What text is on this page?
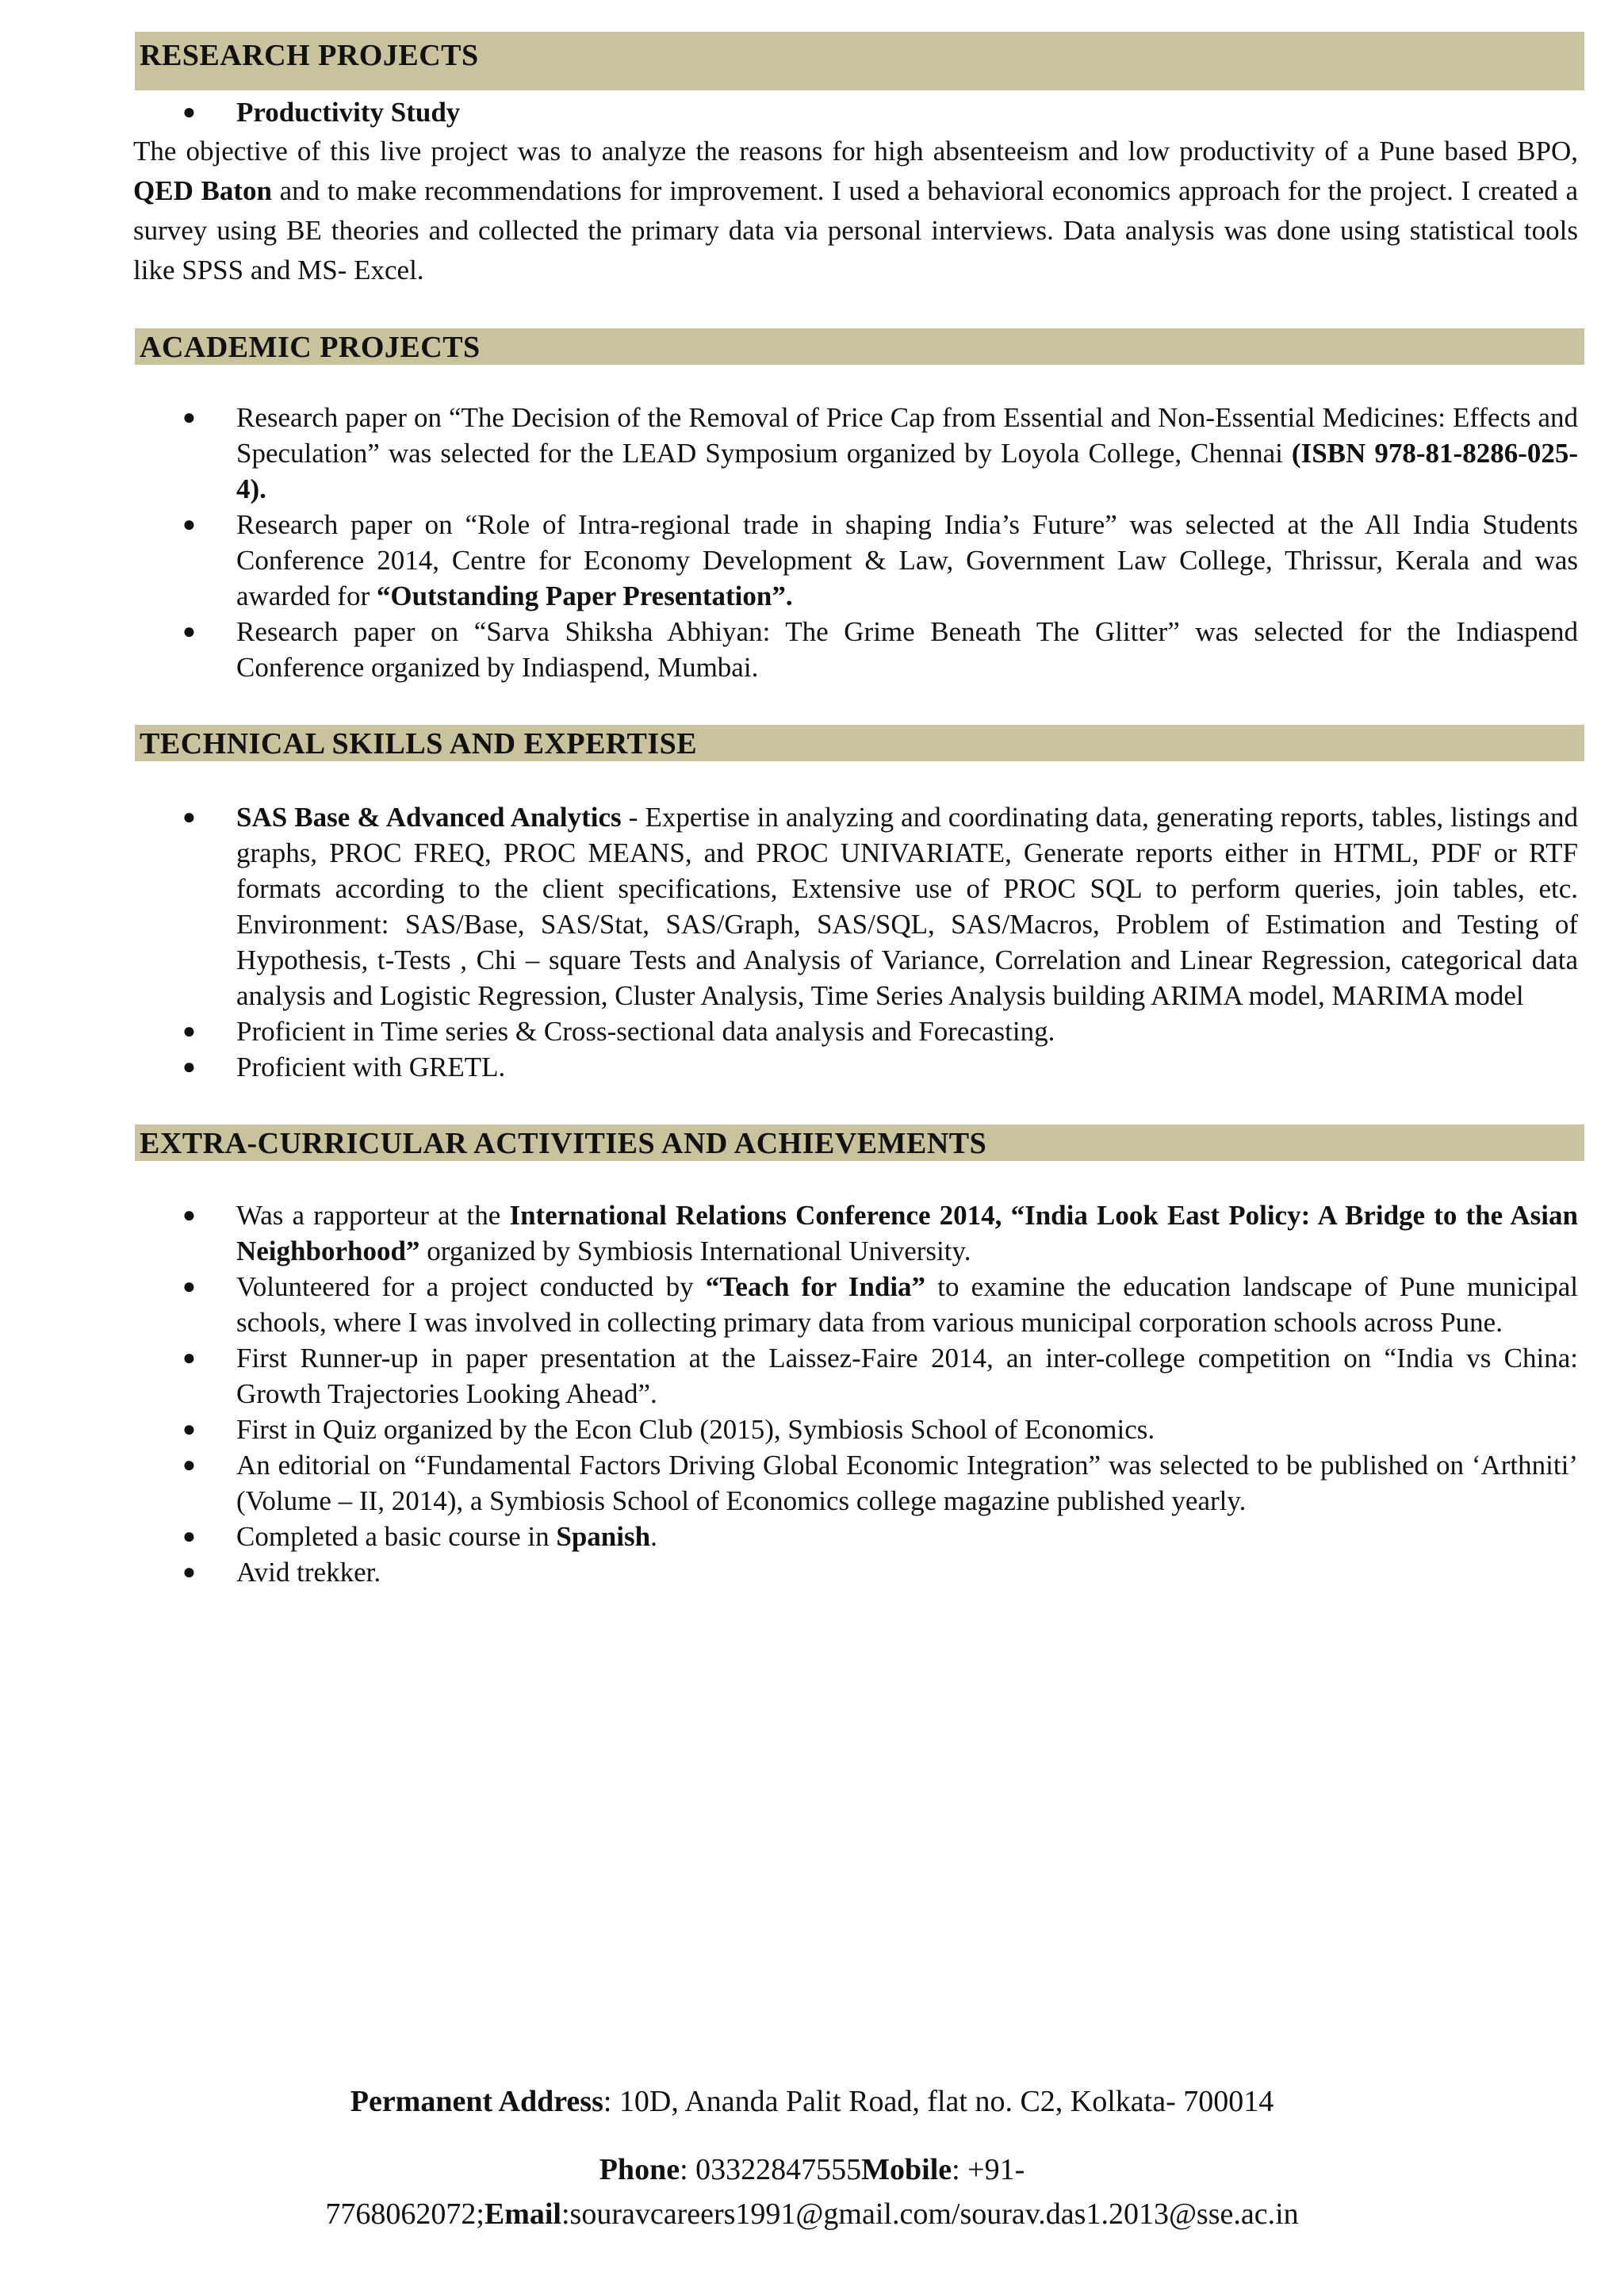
RESEARCH PROJECTS
● Productivity Study

The objective of this live project was to analyze the reasons for high absenteeism and low productivity of a Pune based BPO, QED Baton and to make recommendations for improvement. I used a behavioral economics approach for the project. I created a survey using BE theories and collected the primary data via personal interviews. Data analysis was done using statistical tools like SPSS and MS- Excel.

ACADEMIC PROJECTS
● Research paper on “The Decision of the Removal of Price Cap from Essential and Non-Essential Medicines: Effects and Speculation” was selected for the LEAD Symposium organized by Loyola College, Chennai (ISBN 978-81-8286-025-4).
● Research paper on “Role of Intra-regional trade in shaping India’s Future” was selected at the All India Students Conference 2014, Centre for Economy Development & Law, Government Law College, Thrissur, Kerala and was awarded for “Outstanding Paper Presentation”.
● Research paper on “Sarva Shiksha Abhiyan: The Grime Beneath The Glitter” was selected for the Indiaspend Conference organized by Indiaspend, Mumbai.
TECHNICAL SKILLS AND EXPERTISE
● SAS Base & Advanced Analytics - Expertise in analyzing and coordinating data, generating reports, tables, listings and graphs, PROC FREQ, PROC MEANS, and PROC UNIVARIATE, Generate reports either in HTML, PDF or RTF formats according to the client specifications, Extensive use of PROC SQL to perform queries, join tables, etc. Environment: SAS/Base, SAS/Stat, SAS/Graph, SAS/SQL, SAS/Macros, Problem of Estimation and Testing of Hypothesis, t-Tests , Chi – square Tests and Analysis of Variance, Correlation and Linear Regression, categorical data analysis and Logistic Regression, Cluster Analysis, Time Series Analysis building ARIMA model, MARIMA model
● Proficient in Time series & Cross-sectional data analysis and Forecasting.
● Proficient with GRETL.
EXTRA-CURRICULAR ACTIVITIES AND ACHIEVEMENTS
● Was a rapporteur at the International Relations Conference 2014, “India Look East Policy: A Bridge to the Asian Neighborhood” organized by Symbiosis International University.
● Volunteered for a project conducted by “Teach for India” to examine the education landscape of Pune municipal schools, where I was involved in collecting primary data from various municipal corporation schools across Pune.
● First Runner-up in paper presentation at the Laissez-Faire 2014, an inter-college competition on “India vs China: Growth Trajectories Looking Ahead”.
● First in Quiz organized by the Econ Club (2015), Symbiosis School of Economics.
● An editorial on “Fundamental Factors Driving Global Economic Integration” was selected to be published on ‘Arthniti’ (Volume – II, 2014), a Symbiosis School of Economics college magazine published yearly.
● Completed a basic course in Spanish.
● Avid trekker.
Permanent Address: 10D, Ananda Palit Road, flat no. C2, Kolkata- 700014
Phone: 03322847555Mobile: +91-
7768062072;Email:souravcareers1991@gmail.com/sourav.das1.2013@sse.ac.in
